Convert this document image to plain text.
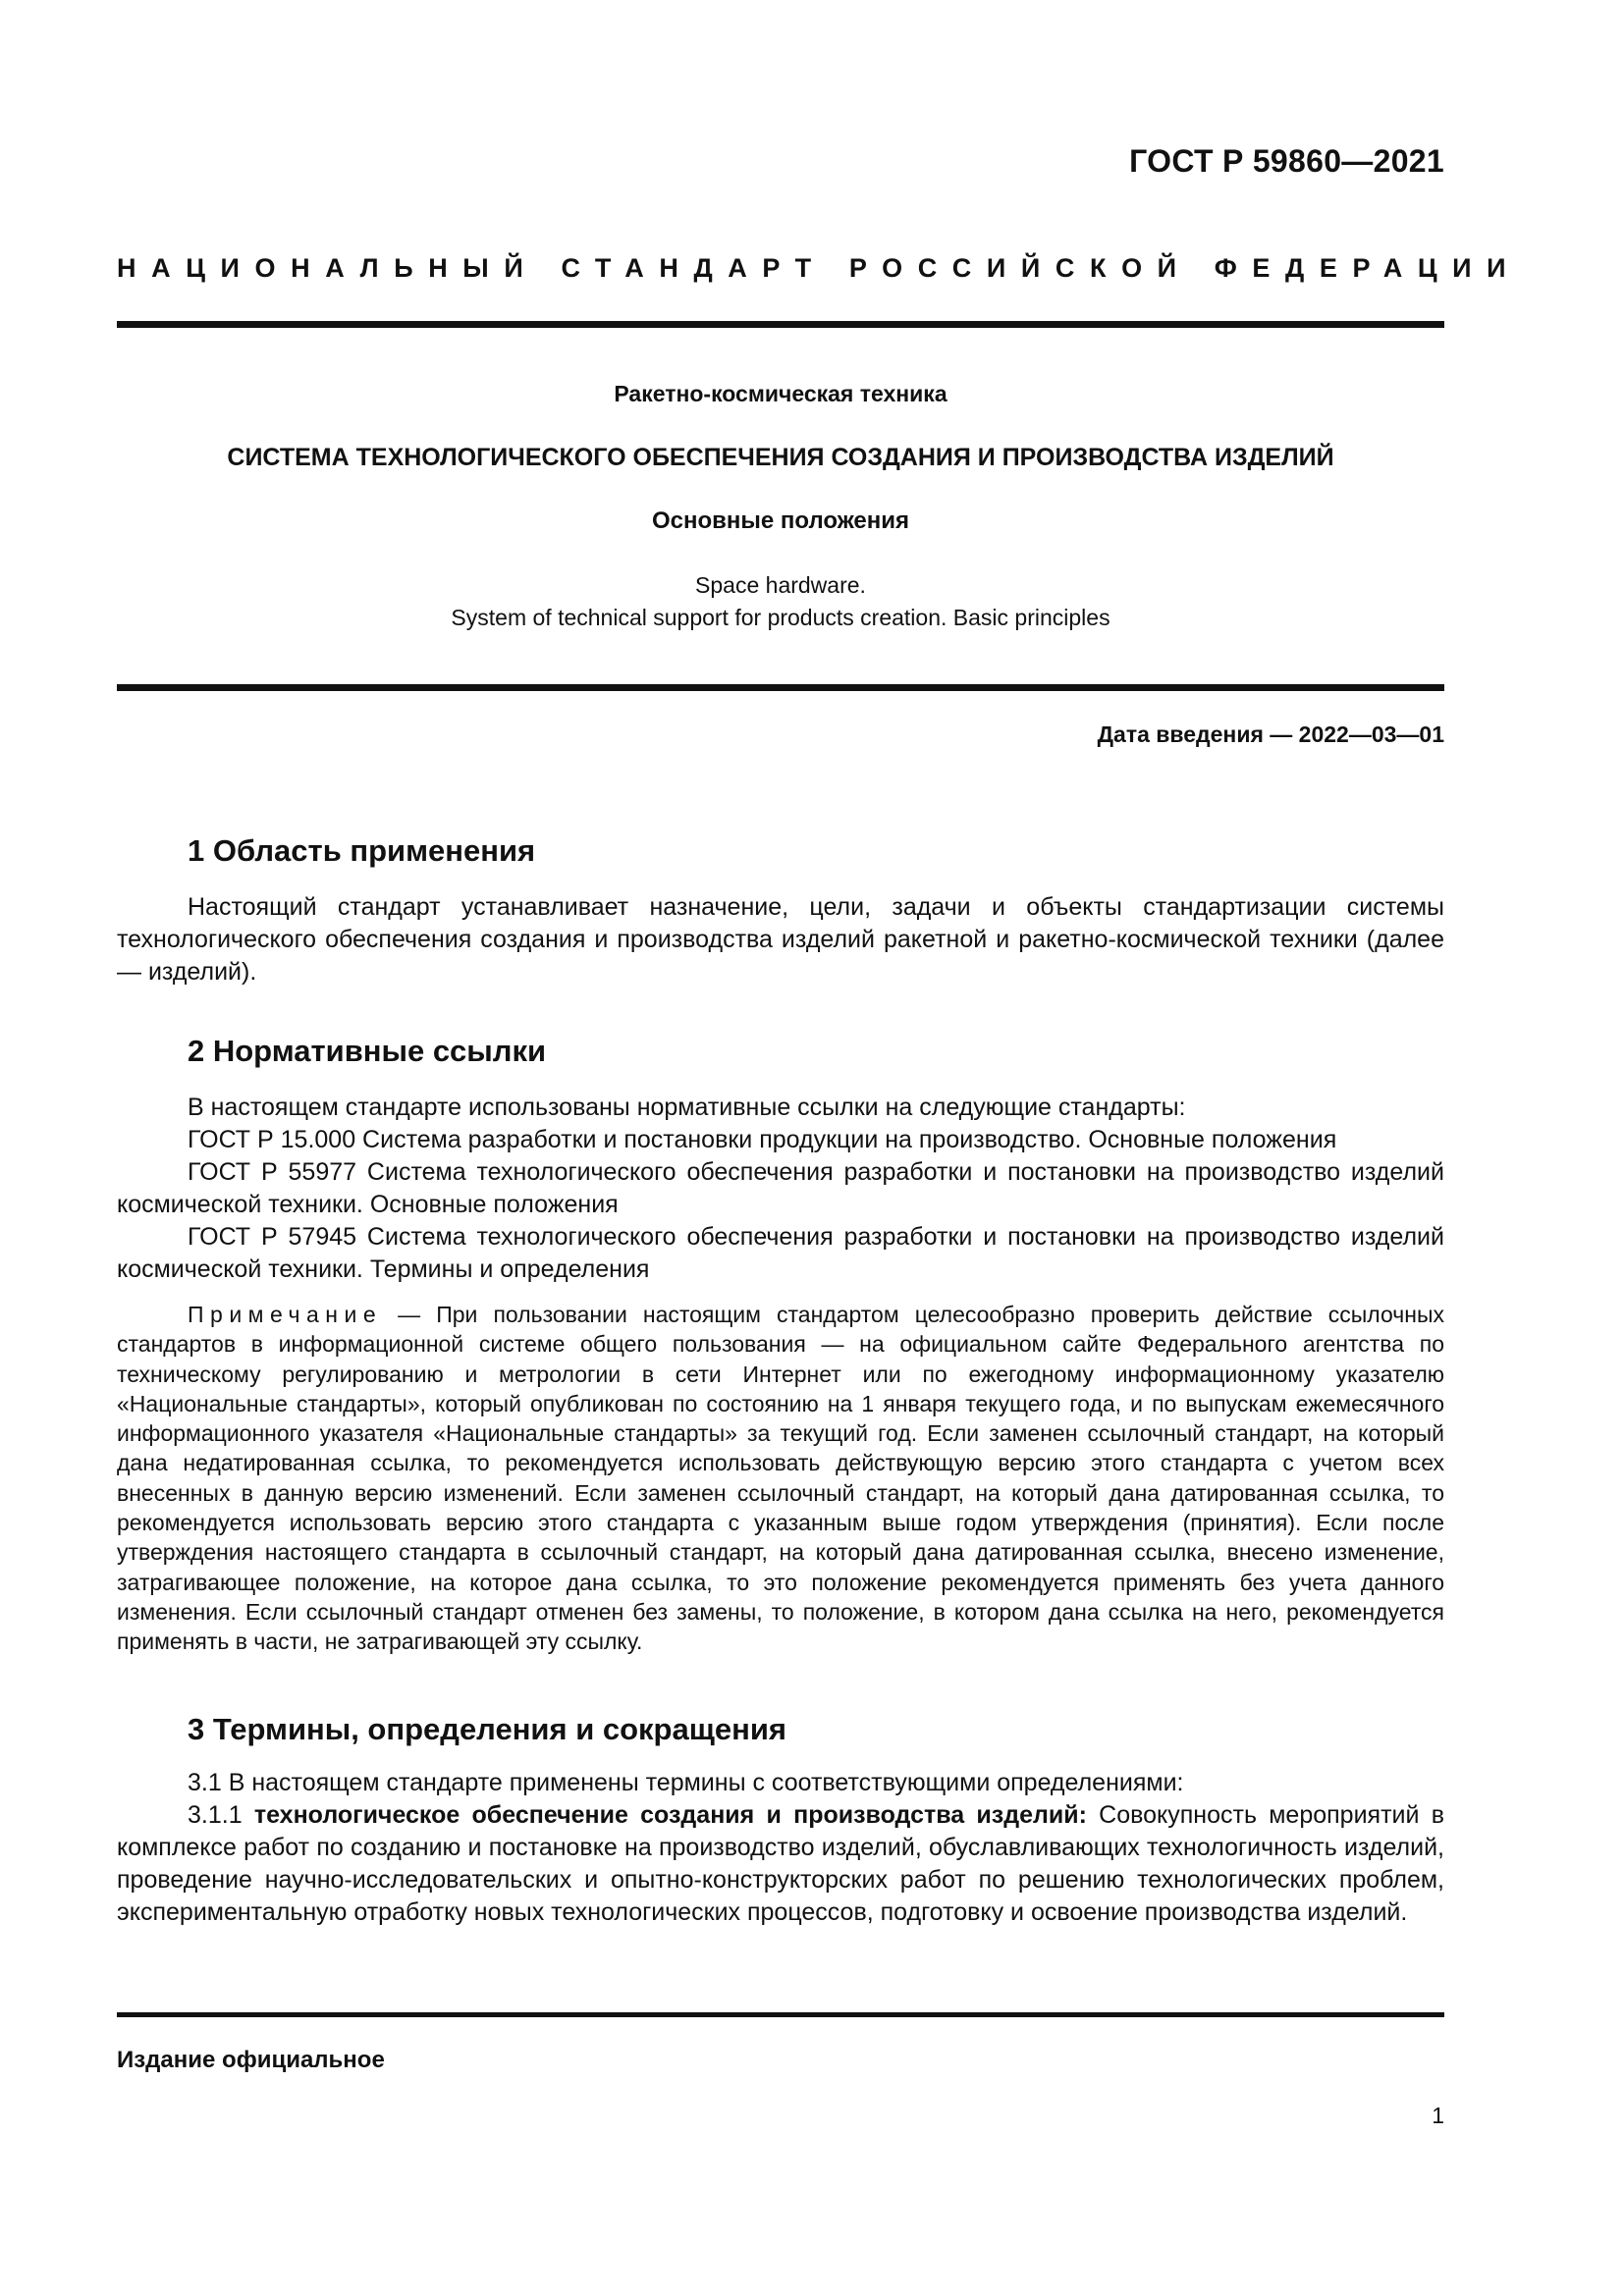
ГОСТ Р 59860—2021
НАЦИОНАЛЬНЫЙ СТАНДАРТ РОССИЙСКОЙ ФЕДЕРАЦИИ
Ракетно-космическая техника
СИСТЕМА ТЕХНОЛОГИЧЕСКОГО ОБЕСПЕЧЕНИЯ СОЗДАНИЯ И ПРОИЗВОДСТВА ИЗДЕЛИЙ
Основные положения
Space hardware.
System of technical support for products creation. Basic principles
Дата введения — 2022—03—01
1 Область применения

Настоящий стандарт устанавливает назначение, цели, задачи и объекты стандартизации системы технологического обеспечения создания и производства изделий ракетной и ракетно-космической техники (далее — изделий).

2 Нормативные ссылки

В настоящем стандарте использованы нормативные ссылки на следующие стандарты:

ГОСТ Р 15.000 Система разработки и постановки продукции на производство. Основные положения

ГОСТ Р 55977 Система технологического обеспечения разработки и постановки на производство изделий космической техники. Основные положения

ГОСТ Р 57945 Система технологического обеспечения разработки и постановки на производство изделий космической техники. Термины и определения

Примечание — При пользовании настоящим стандартом целесообразно проверить действие ссылочных стандартов в информационной системе общего пользования — на официальном сайте Федерального агентства по техническому регулированию и метрологии в сети Интернет или по ежегодному информационному указателю «Национальные стандарты», который опубликован по состоянию на 1 января текущего года, и по выпускам ежемесячного информационного указателя «Национальные стандарты» за текущий год. Если заменен ссылочный стандарт, на который дана недатированная ссылка, то рекомендуется использовать действующую версию этого стандарта с учетом всех внесенных в данную версию изменений. Если заменен ссылочный стандарт, на который дана датированная ссылка, то рекомендуется использовать версию этого стандарта с указанным выше годом утверждения (принятия). Если после утверждения настоящего стандарта в ссылочный стандарт, на который дана датированная ссылка, внесено изменение, затрагивающее положение, на которое дана ссылка, то это положение рекомендуется применять без учета данного изменения. Если ссылочный стандарт отменен без замены, то положение, в котором дана ссылка на него, рекомендуется применять в части, не затрагивающей эту ссылку.

3 Термины, определения и сокращения

3.1 В настоящем стандарте применены термины с соответствующими определениями:

3.1.1 технологическое обеспечение создания и производства изделий: Совокупность мероприятий в комплексе работ по созданию и постановке на производство изделий, обуславливающих технологичность изделий, проведение научно-исследовательских и опытно-конструкторских работ по решению технологических проблем, экспериментальную отработку новых технологических процессов, подготовку и освоение производства изделий.

Издание официальное
1
